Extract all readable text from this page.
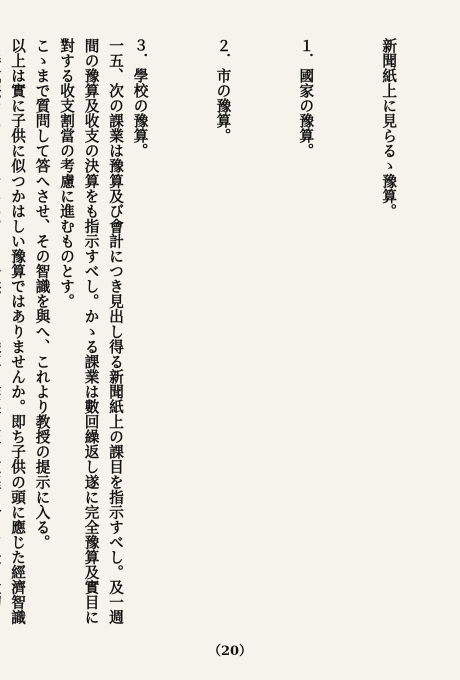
新聞紙上に見らるゝ豫算。

１．國家の豫算。

２．市の豫算。

３．學校の豫算。

一五、次の課業は豫算及び會計につき見出し得る新聞紙上の課目を指示すべし。及一週間の豫算及收支の決算をも指示すべし。かゝる課業は數回繰返し遂に完全豫算及實目に對する收支割當の考慮に進むものとす。

こゝまで質問して答へさせ、その智識を與へ、これより教授の提示に入る。

以上は實に子供に似つかはしい豫算ではありませんか。即ち子供の頭に應じた經濟智識

（20）
